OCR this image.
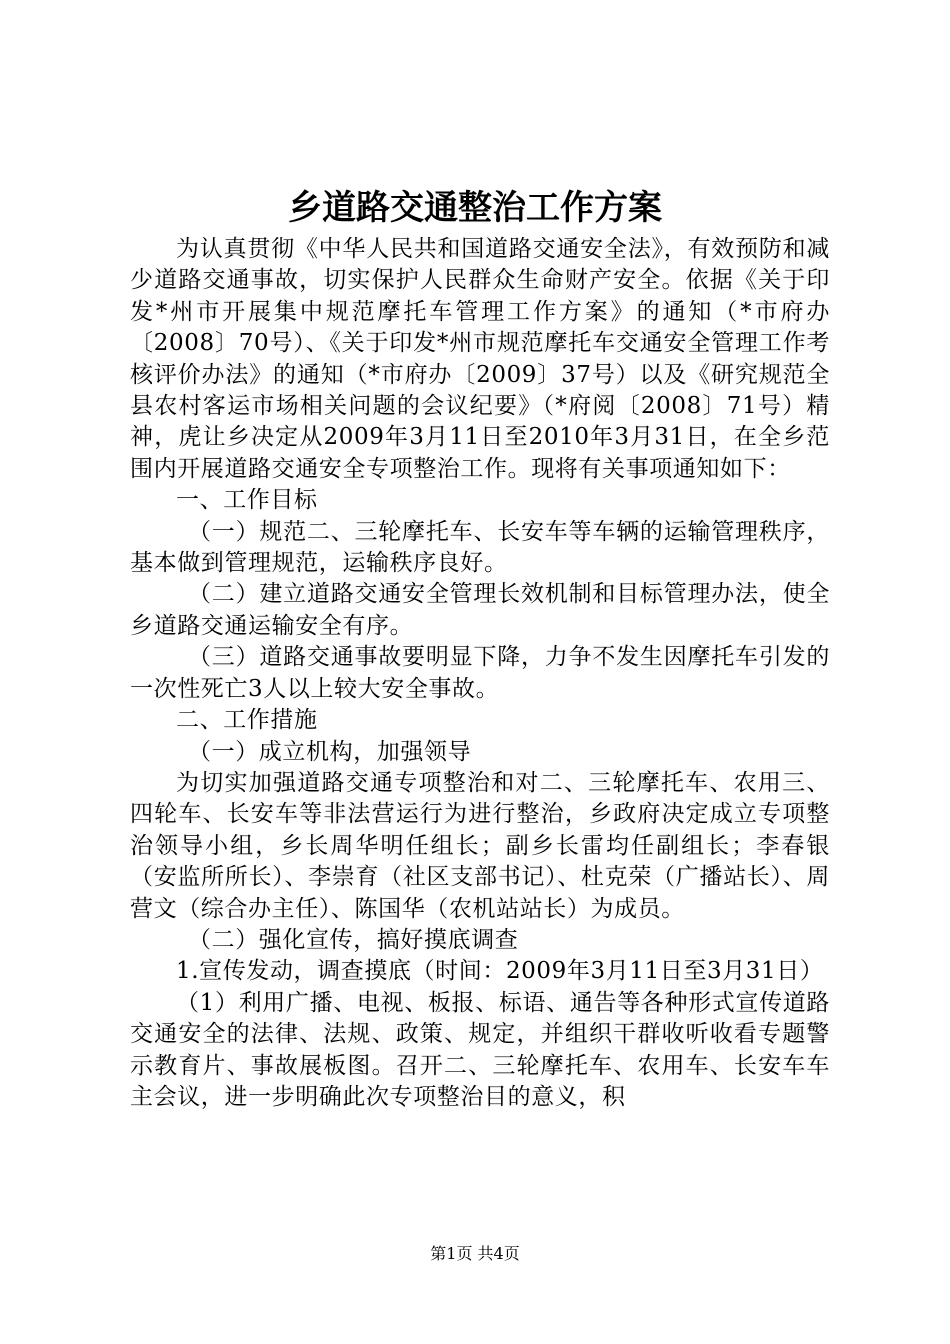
乡道路交通整治工作方案

为认真贯彻《中华人民共和国道路交通安全法》，有效预防和减少道路交通事故，切实保护人民群众生命财产安全。依据《关于印发*州市开展集中规范摩托车管理工作方案》的通知（*市府办〔2008〕70号）、《关于印发*州市规范摩托车交通安全管理工作考核评价办法》的通知（*市府办〔2009〕37号）以及《研究规范全县农村客运市场相关问题的会议纪要》（*府阅〔2008〕71号）精神，虎让乡决定从2009年3月11日至2010年3月31日，在全乡范围内开展道路交通安全专项整治工作。现将有关事项通知如下：

一、工作目标

（一）规范二、三轮摩托车、长安车等车辆的运输管理秩序，基本做到管理规范，运输秩序良好。

（二）建立道路交通安全管理长效机制和目标管理办法，使全乡道路交通运输安全有序。

（三）道路交通事故要明显下降，力争不发生因摩托车引发的一次性死亡3人以上较大安全事故。

二、工作措施

（一）成立机构，加强领导

为切实加强道路交通专项整治和对二、三轮摩托车、农用三、四轮车、长安车等非法营运行为进行整治，乡政府决定成立专项整治领导小组，乡长周华明任组长；副乡长雷均任副组长；李春银（安监所所长）、李崇育（社区支部书记）、杜克荣（广播站长）、周营文（综合办主任）、陈国华（农机站站长）为成员。

（二）强化宣传，搞好摸底调查

1.宣传发动，调查摸底（时间：2009年3月11日至3月31日）

（1）利用广播、电视、板报、标语、通告等各种形式宣传道路交通安全的法律、法规、政策、规定，并组织干群收听收看专题警示教育片、事故展板图。召开二、三轮摩托车、农用车、长安车车主会议，进一步明确此次专项整治目的意义，积

第1页 共4页
